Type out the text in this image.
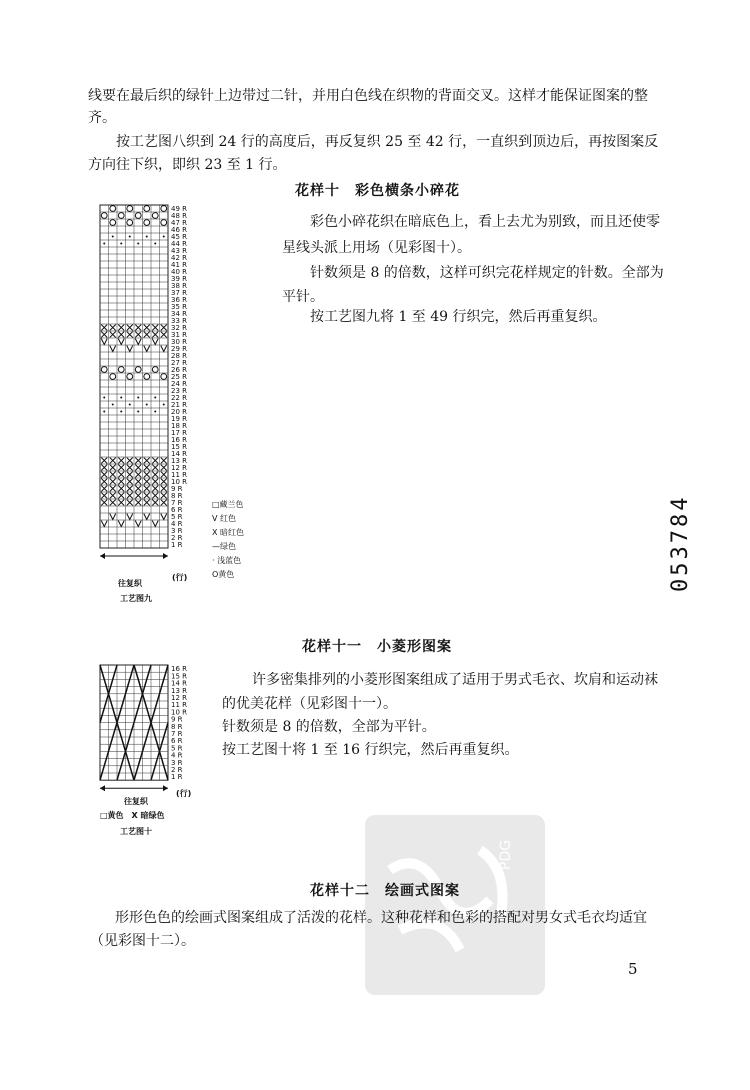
线要在最后织的绿针上边带过二针，并用白色线在织物的背面交叉。这样才能保证图案的整

齐。

按工艺图八织到 24 行的高度后，再反复织 25 至 42 行，一直织到顶边后，再按图案反

方向往下织，即织 23 至 1 行。

花样十　彩色横条小碎花

彩色小碎花织在暗底色上，看上去尤为别致，而且还使零

星线头派上用场（见彩图十）。

针数须是 8 的倍数，这样可织完花样规定的针数。全部为

平针。

按工艺图九将 1 至 49 行织完，然后再重复织。

49 R
48 R
47 R
46 R
45 R
44 R
43 R
42 R
41 R
40 R
39 R
38 R
37 R
36 R
35 R
34 R
33 R
32 R
31 R
30 R
29 R
28 R
27 R
26 R
25 R
24 R
23 R
22 R
21 R
20 R
19 R
18 R
17 R
16 R
15 R
14 R
13 R
12 R
11 R
10 R
9 R
8 R
7 R
6 R
5 R
4 R
3 R
2 R
1 R
往复织
(行)
工艺图九
□藏兰色
V 红色
X 暗红色
—绿色
· 浅蓝色
O黄色	053784
花样十一　小菱形图案

许多密集排列的小菱形图案组成了适用于男式毛衣、坎肩和运动袜

的优美花样（见彩图十一）。

针数须是 8 的倍数，全部为平针。

按工艺图十将 1 至 16 行织完，然后再重复织。

16 R
15 R
14 R
13 R
12 R
11 R
10 R
9 R
8 R
7 R
6 R
5 R
4 R
3 R
2 R
1 R
往复织
(行)
□黄色　X 暗绿色
工艺图十
PDG
花样十二　绘画式图案

形形色色的绘画式图案组成了活泼的花样。这种花样和色彩的搭配对男女式毛衣均适宜

（见彩图十二）。

5
